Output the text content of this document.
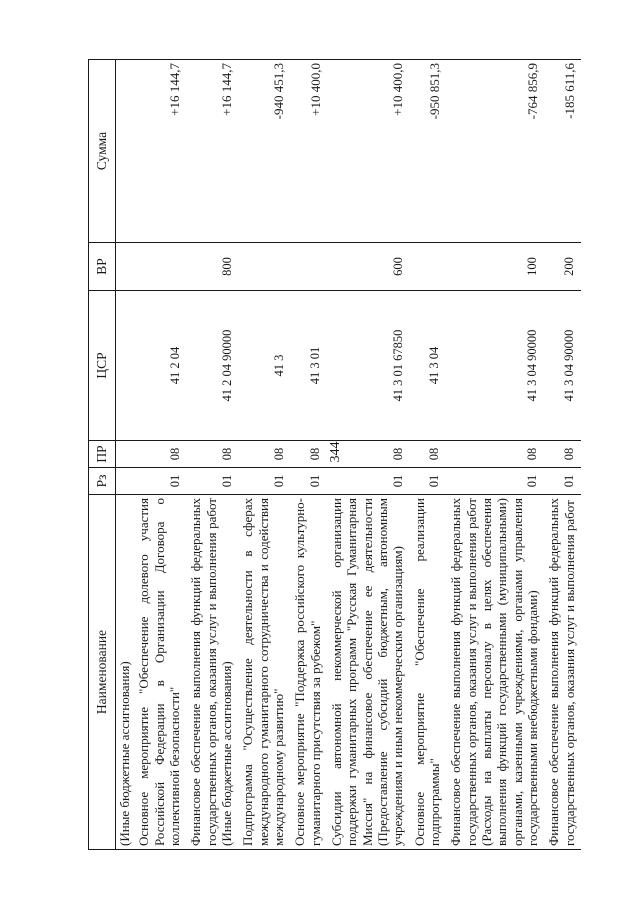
344
Наименование	Рз	ПР	ЦСР	ВР	Сумма
(Иные бюджетные ассигнования)					
Основное мероприятие "Обеспечение долевого участия Российской Федерации в Организации Договора о коллективной безопасности"	01	08	41 2 04		+16 144,7
Финансовое обеспечение выполнения функций федеральных государственных органов, оказания услуг и выполнения работ (Иные бюджетные ассигнования)	01	08	41 2 04 90000	800	+16 144,7
Подпрограмма "Осуществление деятельности в сферах международного гуманитарного сотрудничества и содействия международному развитию"	01	08	41 3		-940 451,3
Основное мероприятие "Поддержка российского культурно-гуманитарного присутствия за рубежом"	01	08	41 3 01		+10 400,0
Субсидии автономной некоммерческой организации поддержки гуманитарных программ "Русская Гуманитарная Миссия" на финансовое обеспечение ее деятельности (Предоставление субсидий бюджетным, автономным учреждениям и иным некоммерческим организациям)	01	08	41 3 01 67850	600	+10 400,0
Основное мероприятие "Обеспечение реализации подпрограммы"	01	08	41 3 04		-950 851,3
Финансовое обеспечение выполнения функций федеральных государственных органов, оказания услуг и выполнения работ (Расходы на выплаты персоналу в целях обеспечения выполнения функций государственными (муниципальными) органами, казенными учреждениями, органами управления государственными внебюджетными фондами)	01	08	41 3 04 90000	100	-764 856,9
Финансовое обеспечение выполнения функций федеральных государственных органов, оказания услуг и выполнения работ	01	08	41 3 04 90000	200	-185 611,6
